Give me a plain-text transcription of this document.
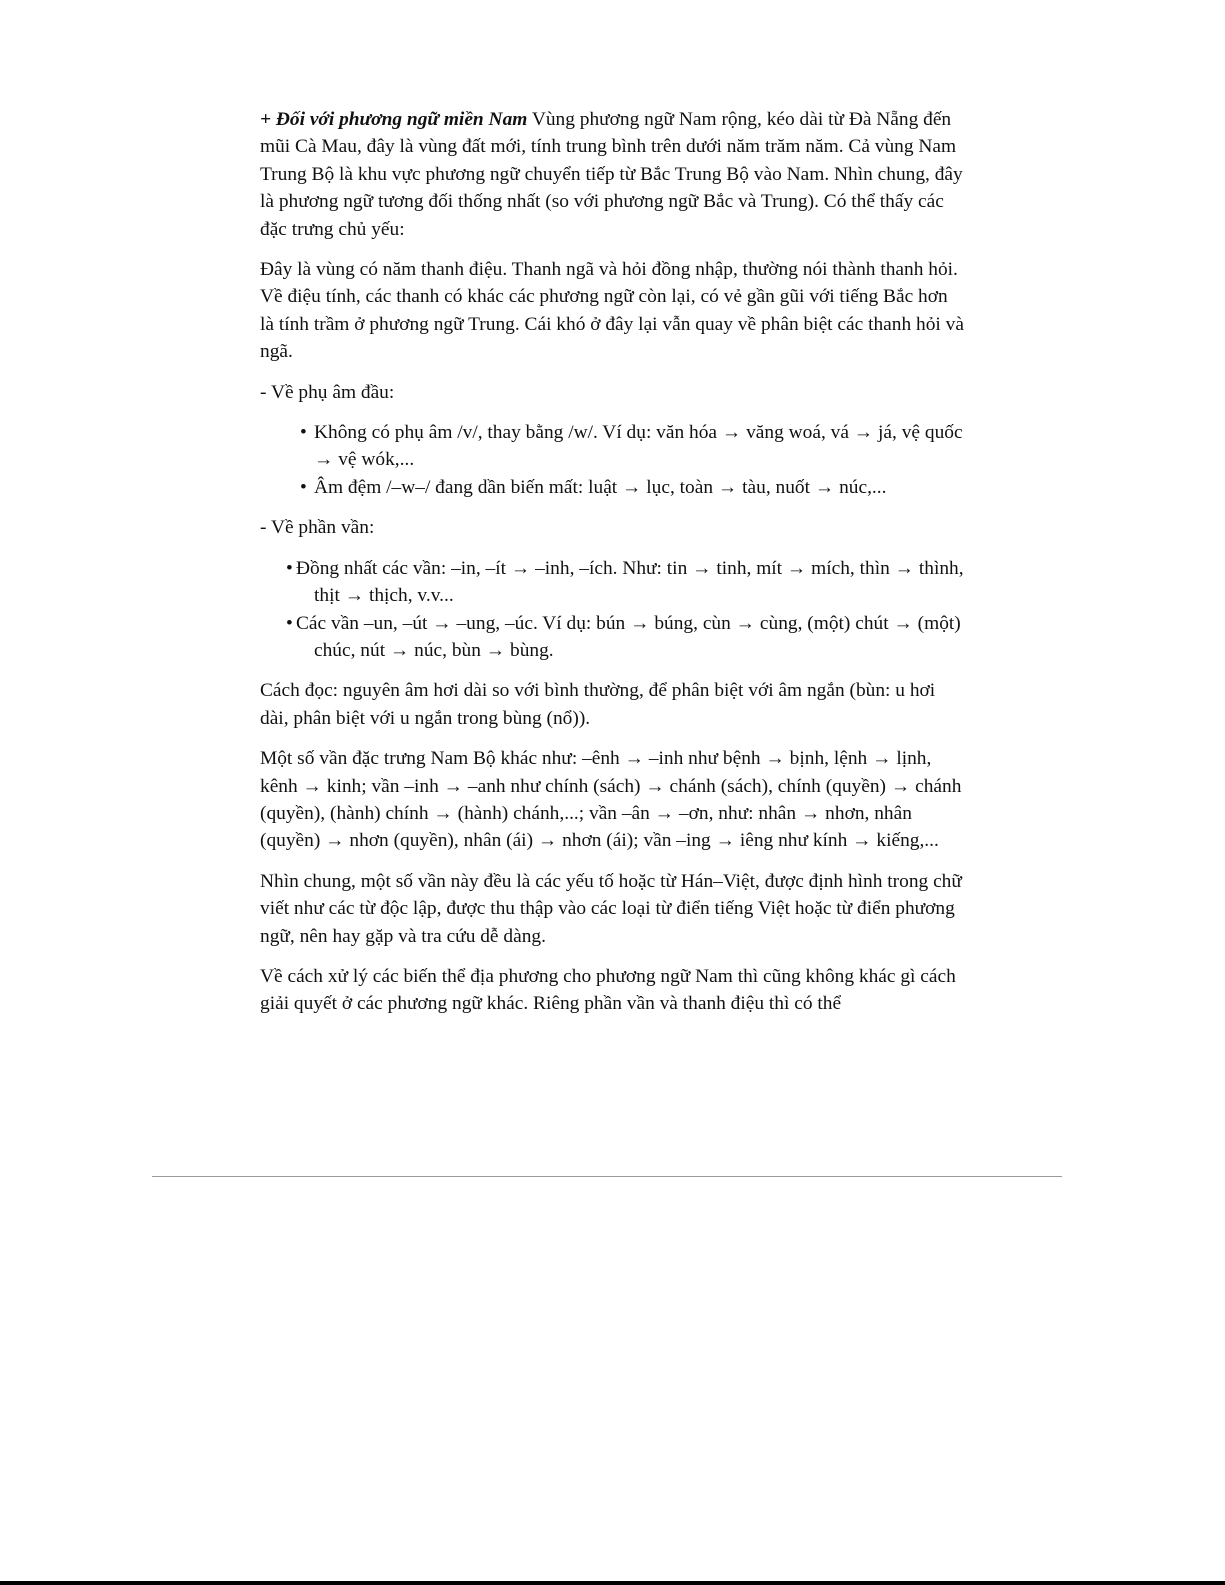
+ Đối với phương ngữ miền Nam Vùng phương ngữ Nam rộng, kéo dài từ Đà Nẵng đến mũi Cà Mau, đây là vùng đất mới, tính trung bình trên dưới năm trăm năm. Cả vùng Nam Trung Bộ là khu vực phương ngữ chuyển tiếp từ Bắc Trung Bộ vào Nam. Nhìn chung, đây là phương ngữ tương đối thống nhất (so với phương ngữ Bắc và Trung). Có thể thấy các đặc trưng chủ yếu:

Đây là vùng có năm thanh điệu. Thanh ngã và hỏi đồng nhập, thường nói thành thanh hỏi. Về điệu tính, các thanh có khác các phương ngữ còn lại, có vẻ gần gũi với tiếng Bắc hơn là tính trầm ở phương ngữ Trung. Cái khó ở đây lại vẫn quay về phân biệt các thanh hỏi và ngã.

- Về phụ âm đầu:

• Không có phụ âm /v/, thay bằng /w/. Ví dụ: văn hóa → văng woá, vá → já, vệ quốc → vệ wók,...
• Âm đệm /–w–/ đang dần biến mất: luật → lục, toàn → tàu, nuốt → núc,...

- Về phần vần:

• Đồng nhất các vần: –in, –ít → –inh, –ích. Như: tin → tinh, mít → mích, thìn → thình, thịt → thịch, v.v...
• Các vần –un, –út → –ung, –úc. Ví dụ: bún → búng, cùn → cùng, (một) chút → (một) chúc, nút → núc, bùn → bùng.

Cách đọc: nguyên âm hơi dài so với bình thường, để phân biệt với âm ngắn (bùn: u hơi dài, phân biệt với u ngắn trong bùng (nổ)).

Một số vần đặc trưng Nam Bộ khác như: –ênh → –inh như bệnh → bịnh, lệnh → lịnh, kênh → kinh; vần –inh → –anh như chính (sách) → chánh (sách), chính (quyền) → chánh (quyền), (hành) chính → (hành) chánh,...; vần –ân → –ơn, như: nhân → nhơn, nhân (quyền) → nhơn (quyền), nhân (ái) → nhơn (ái); vần –ing → iêng như kính → kiếng,...

Nhìn chung, một số vần này đều là các yếu tố hoặc từ Hán–Việt, được định hình trong chữ viết như các từ độc lập, được thu thập vào các loại từ điển tiếng Việt hoặc từ điển phương ngữ, nên hay gặp và tra cứu dễ dàng.

Về cách xử lý các biến thể địa phương cho phương ngữ Nam thì cũng không khác gì cách giải quyết ở các phương ngữ khác. Riêng phần vần và thanh điệu thì có thể
